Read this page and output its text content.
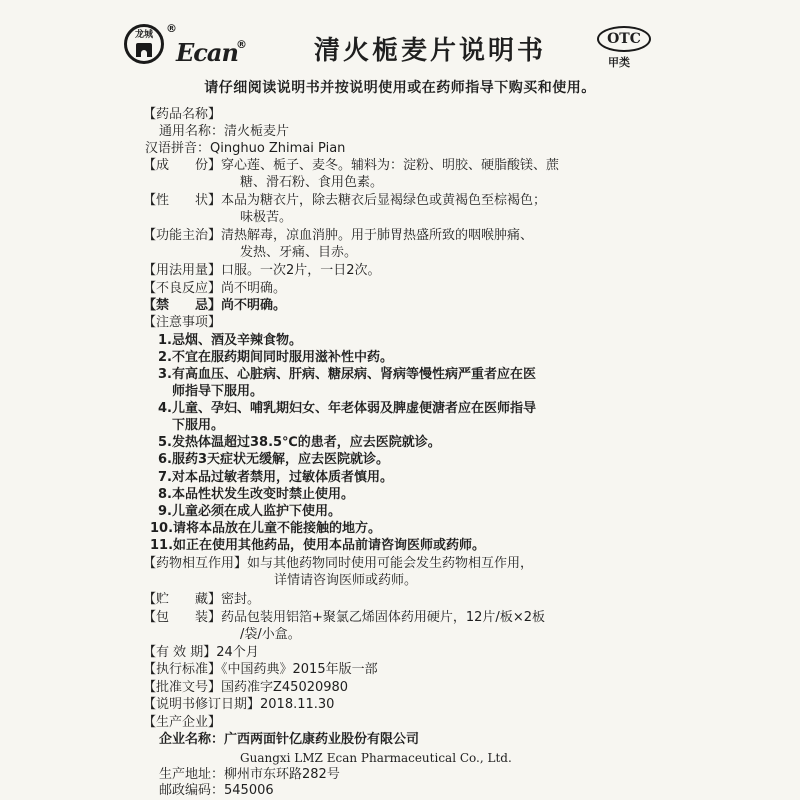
龙城	®
Ecan
®	清火栀麦片说明书	OTC
甲类
请仔细阅读说明书并按说明使用或在药师指导下购买和使用。
【药品名称】
通用名称：清火栀麦片
汉语拼音：Qinghuo Zhimai Pian
【成　　份】穿心莲、栀子、麦冬。辅料为：淀粉、明胶、硬脂酸镁、蔗
糖、滑石粉、食用色素。
【性　　状】本品为糖衣片，除去糖衣后显褐绿色或黄褐色至棕褐色；
味极苦。
【功能主治】清热解毒，凉血消肿。用于肺胃热盛所致的咽喉肿痛、
发热、牙痛、目赤。
【用法用量】口服。一次2片，一日2次。
【不良反应】尚不明确。
【禁　　忌】尚不明确。
【注意事项】
1.忌烟、酒及辛辣食物。
2.不宜在服药期间同时服用滋补性中药。
3.有高血压、心脏病、肝病、糖尿病、肾病等慢性病严重者应在医
师指导下服用。
4.儿童、孕妇、哺乳期妇女、年老体弱及脾虚便溏者应在医师指导
下服用。
5.发热体温超过38.5℃的患者，应去医院就诊。
6.服药3天症状无缓解，应去医院就诊。
7.对本品过敏者禁用，过敏体质者慎用。
8.本品性状发生改变时禁止使用。
9.儿童必须在成人监护下使用。
10.请将本品放在儿童不能接触的地方。
11.如正在使用其他药品，使用本品前请咨询医师或药师。
【药物相互作用】如与其他药物同时使用可能会发生药物相互作用，
详情请咨询医师或药师。
【贮　　藏】密封。
【包　　装】药品包装用铝箔+聚氯乙烯固体药用硬片，12片/板×2板
/袋/小盒。
【有 效 期】24个月
【执行标准】《中国药典》2015年版一部
【批准文号】国药准字Z45020980
【说明书修订日期】2018.11.30
【生产企业】
企业名称：广西两面针亿康药业股份有限公司
Guangxi LMZ Ecan Pharmaceutical Co., Ltd.
生产地址：柳州市东环路282号
邮政编码：545006
